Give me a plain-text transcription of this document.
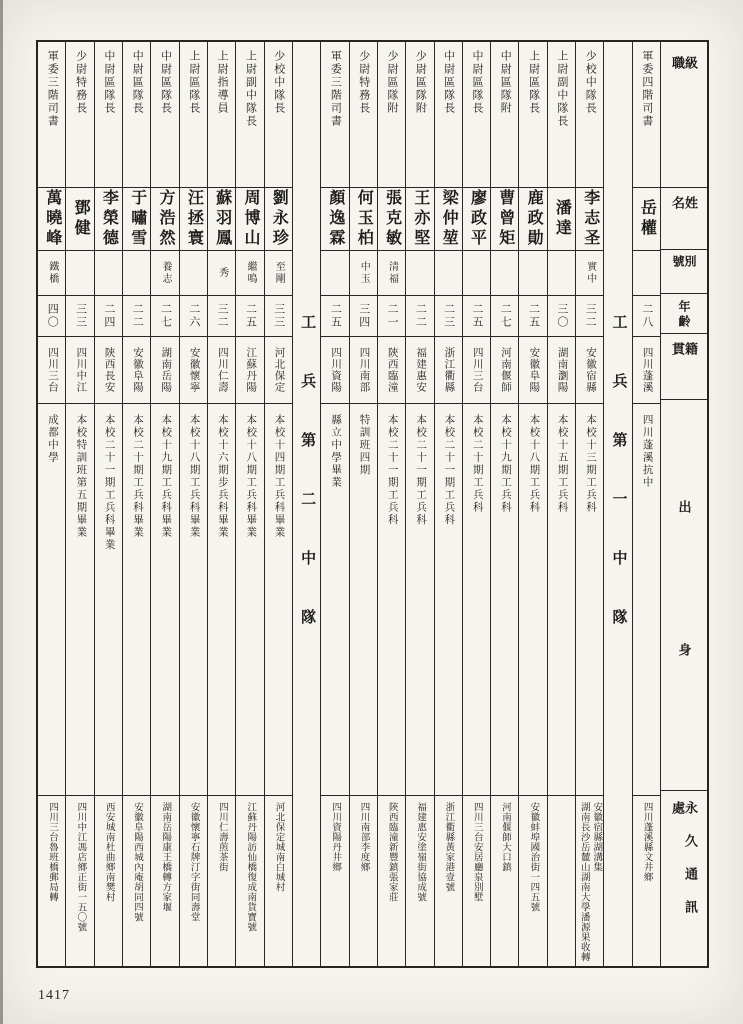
級職
姓名
別號
年齡
籍貫
出身
永久通訊處
軍委四階司書
岳權
二八
四川蓬溪
四川蓬溪抗中
四川蓬溪縣文井鄉
工兵第一中隊
少校中隊長
李志圣
實中
三二
安徽宿縣
本校十三期工兵科
安徽宿縣湖溝集
湖南長沙岳麓山湖南大學潘源果收轉
上尉副中隊長
潘達
三〇
湖南瀏陽
本校十五期工兵科
上尉區隊長
鹿政勛
二五
安徽阜陽
本校十八期工兵科
安徽蚌埠國治街一四五號
中尉區隊附
曹曾矩
二七
河南偃師
本校十九期工兵科
河南偃師大口鎮
中尉區隊長
廖政平
二五
四川三台
本校二十期工兵科
四川三台安居廳泉別墅
中尉區隊長
梁仲堃
二三
浙江衢縣
本校二十一期工兵科
浙江衢縣黃家港壹號
少尉區隊附
王亦堅
二二
福建惠安
本校二十一期工兵科
福建惠安塗嶺街協成號
少尉區隊附
張克敏
清福
二一
陝西臨潼
本校二十一期工兵科
陝西臨潼新豐鎮張家莊
少尉特務長
何玉柏
中玉
三四
四川南部
特訓班四期
四川南部李度鄉
軍委三階司書
顏逸霖
二五
四川資陽
縣立中學畢業
四川資陽丹井鄉
工兵第二中隊
少校中隊長
劉永珍
至剛
三三
河北保定
本校十四期工兵科畢業
河北保定城南白城村
上尉副中隊長
周博山
繼鳴
二五
江蘇丹陽
本校十八期工兵科畢業
江蘇丹陽訪仙橋復成南貨寶號
上尉指導員
蘇羽鳳
秀
三二
四川仁壽
本校十六期步兵科畢業
四川仁壽煎茶街
上尉區隊長
汪拯寰
二六
安徽懷寧
本校十八期工兵科畢業
安徽懷寧石牌汀字街同壽堂
中尉區隊長
方浩然
養志
二七
湖南岳陽
本校十九期工兵科畢業
湖南岳陽康王橋轉方家堰
中尉區隊長
于嘯雪
二二
安徽阜陽
本校二十期工兵科畢業
安徽阜陽西城內庵胡同四號
中尉區隊長
李榮德
二四
陝西長安
本校二十一期工兵科畢業
西安城南杜曲鄉南樊村
少尉特務長
鄧健
三三
四川中江
本校特訓班第五期畢業
四川中江馮店鄉正街一五〇號
軍委三階司書
萬曉峰
鐵橋
四〇
四川三台
成都中學
四川三台魯班橋郵局轉
1417
